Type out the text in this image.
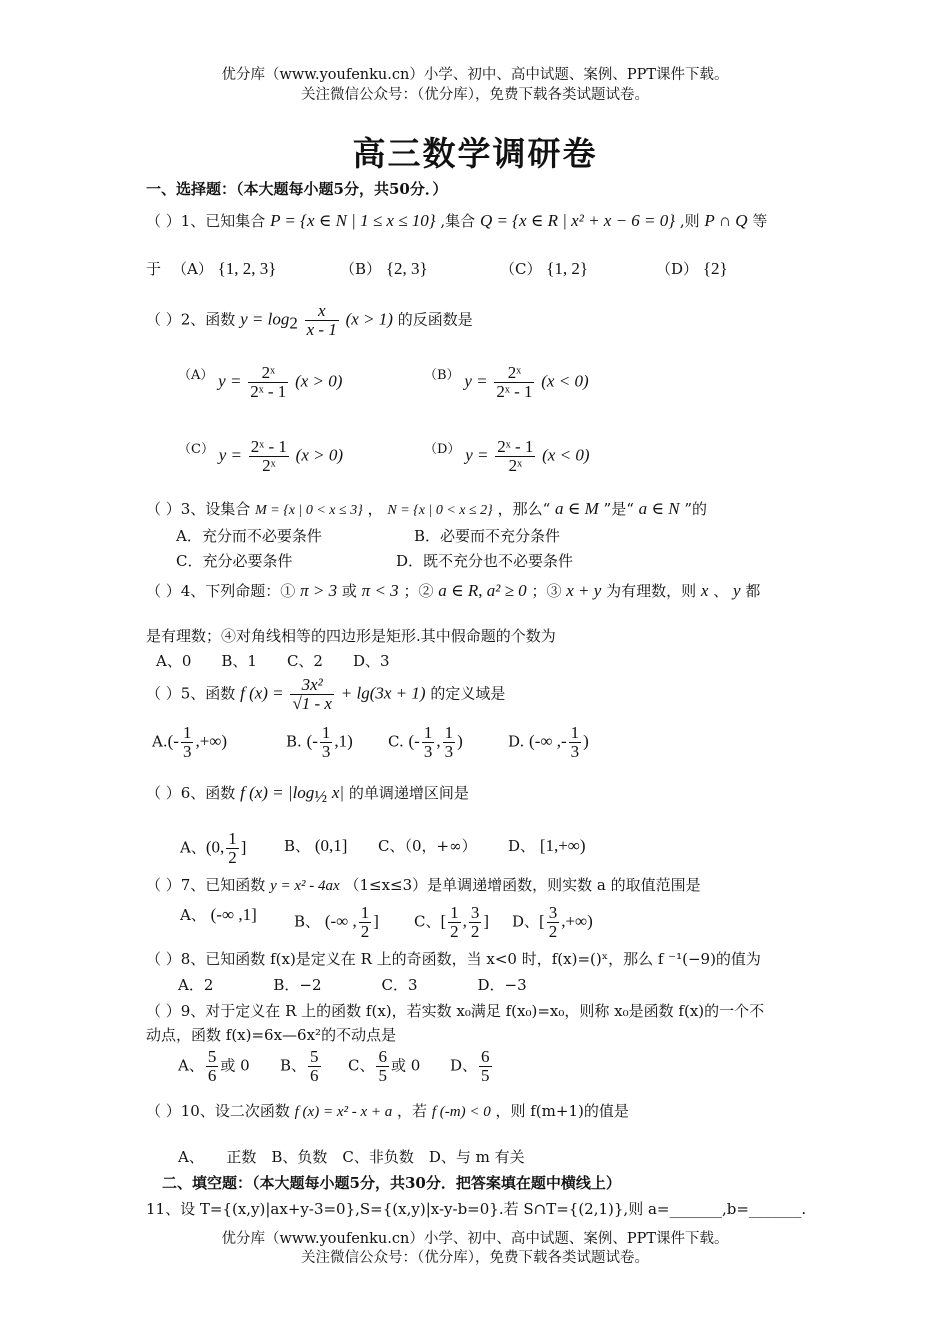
优分库（www.youfenku.cn）小学、初中、高中试题、案例、PPT课件下载。
关注微信公众号：（优分库），免费下载各类试题试卷。
高三数学调研卷
一、选择题：（本大题每小题5分，共50分．）
（ ）1、已知集合 P = {x ∈ N | 1 ≤ x ≤ 10} ,集合 Q = {x ∈ R | x² + x − 6 = 0} ,则 P ∩ Q 等
于 （A） {1, 2, 3}	（B） {2, 3}	（C） {1, 2}	（D） {2}
（ ）2、函数 $y = \log_2 \frac{x}{x - 1} (x > 1)$ 的反函数是
（A） $y = \frac{\text{2ˣ}}{\text{2ˣ - 1}} (x > 0)$	（B） $y = \frac{\text{2ˣ}}{\text{2ˣ - 1}} (x < 0)$
（C） $y = \frac{\text{2ˣ - 1}}{\text{2ˣ}} (x > 0)$	（D） $y = \frac{\text{2ˣ - 1}}{\text{2ˣ}} (x < 0)$
（ ）3、设集合 M = {x | 0 < x ≤ 3} ， N = {x | 0 < x ≤ 2} ，那么“ a ∈ M ”是“ a ∈ N ”的
A．充分而不必要条件	B．必要而不充分条件
C．充分必要条件	D．既不充分也不必要条件
（ ）4、下列命题：① π > 3 或 π < 3 ；② a ∈ R, a² ≥ 0 ；③ x + y 为有理数，则 x 、 y 都
是有理数；④对角线相等的四边形是矩形.其中假命题的个数为
A、0　　B、1　　C、2　　D、3
（ ）5、函数 f $(x) = \frac{\text{3x²}}{√1 - x} + \lg(3x + 1)$ 的定义域是
$A.(- \frac{1}{3}$ ,+∞)	B. (- $\frac{1}{3} ,1$) C. (- $\frac{1}{3}$ , $\frac{1}{3}$ )	D. (-∞ ,- $\frac{1}{3}$ )
（ ）6、函数 f $(x) = |\log_{\frac{1}{2}}$ x| 的单调递增区间是
A、(0, $\frac{1}{2}$ ]	B、 (0,1] C、（0，+∞） D、 [1,+∞)
（ ）7、已知函数 y = x² - 4ax （1≤x≤3）是单调递增函数，则实数 a 的取值范围是
A、 (-∞ ,1] B、 (-∞ , $\frac{1}{2}$ ] C、[ $\frac{1}{2}$ , $\frac{3}{2}$ ] D、[ $\frac{3}{2}$ ,+∞)
（ ）8、已知函数 f(x)是定义在 R 上的奇函数，当 x<0 时，f(x)=()ˣ，那么 f ⁻¹(−9)的值为
A．2　　　　B．−2　　　　C．3　　　　D．−3
（ ）9、对于定义在 R 上的函数 f(x)，若实数 x₀满足 f(x₀)=x₀，则称 x₀是函数 f(x)的一个不
动点，函数 f(x)=6x—6x²的不动点是
A、 $\frac{5}{6}$ 或 0 B、 $\frac{5}{6}$ C、 $\frac{6}{5}$ 或 0 D、 $\frac{6}{5}$
（ ）10、设二次函数 f (x) = x² - x + a ，若 f (-m) < 0 ，则 f(m+1)的值是
A、　　正数　B、负数　C、非负数　D、与 m 有关
二、填空题：（本大题每小题5分，共30分．把答案填在题中横线上）
11、设 T={(x,y)|ax+y-3=0},S={(x,y)|x-y-b=0}.若 S∩T={(2,1)},则 a=_______,b=_______.
优分库（www.youfenku.cn）小学、初中、高中试题、案例、PPT课件下载。
关注微信公众号：（优分库），免费下载各类试题试卷。
